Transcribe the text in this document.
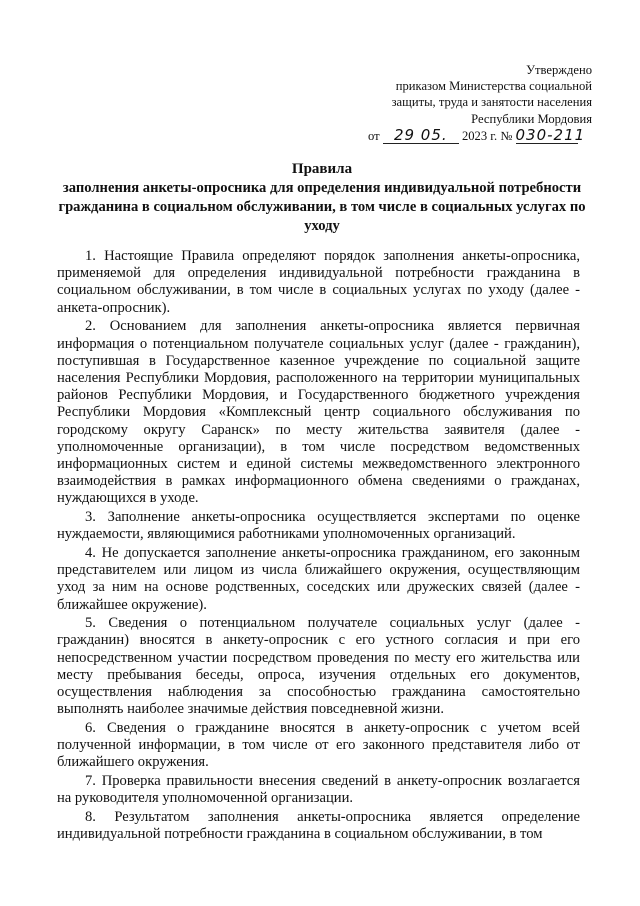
Утверждено
приказом Министерства социальной
защиты, труда и занятости населения
Республики Мордовия
от 29 05. 2023 г. № 030-211
Правила
заполнения анкеты-опросника для определения индивидуальной потребности гражданина в социальном обслуживании, в том числе в социальных услугах по уходу

1. Настоящие Правила определяют порядок заполнения анкеты-опросника, применяемой для определения индивидуальной потребности гражданина в социальном обслуживании, в том числе в социальных услугах по уходу (далее - анкета-опросник).

2. Основанием для заполнения анкеты-опросника является первичная информация о потенциальном получателе социальных услуг (далее - гражданин), поступившая в Государственное казенное учреждение по социальной защите населения Республики Мордовия, расположенного на территории муниципальных районов Республики Мордовия, и Государственного бюджетного учреждения Республики Мордовия «Комплексный центр социального обслуживания по городскому округу Саранск» по месту жительства заявителя (далее - уполномоченные организации), в том числе посредством ведомственных информационных систем и единой системы межведомственного электронного взаимодействия в рамках информационного обмена сведениями о гражданах, нуждающихся в уходе.

3. Заполнение анкеты-опросника осуществляется экспертами по оценке нуждаемости, являющимися работниками уполномоченных организаций.

4. Не допускается заполнение анкеты-опросника гражданином, его законным представителем или лицом из числа ближайшего окружения, осуществляющим уход за ним на основе родственных, соседских или дружеских связей (далее - ближайшее окружение).

5. Сведения о потенциальном получателе социальных услуг (далее - гражданин) вносятся в анкету-опросник с его устного согласия и при его непосредственном участии посредством проведения по месту его жительства или месту пребывания беседы, опроса, изучения отдельных его документов, осуществления наблюдения за способностью гражданина самостоятельно выполнять наиболее значимые действия повседневной жизни.

6. Сведения о гражданине вносятся в анкету-опросник с учетом всей полученной информации, в том числе от его законного представителя либо от ближайшего окружения.

7. Проверка правильности внесения сведений в анкету-опросник возлагается на руководителя уполномоченной организации.

8. Результатом заполнения анкеты-опросника является определение индивидуальной потребности гражданина в социальном обслуживании, в том
